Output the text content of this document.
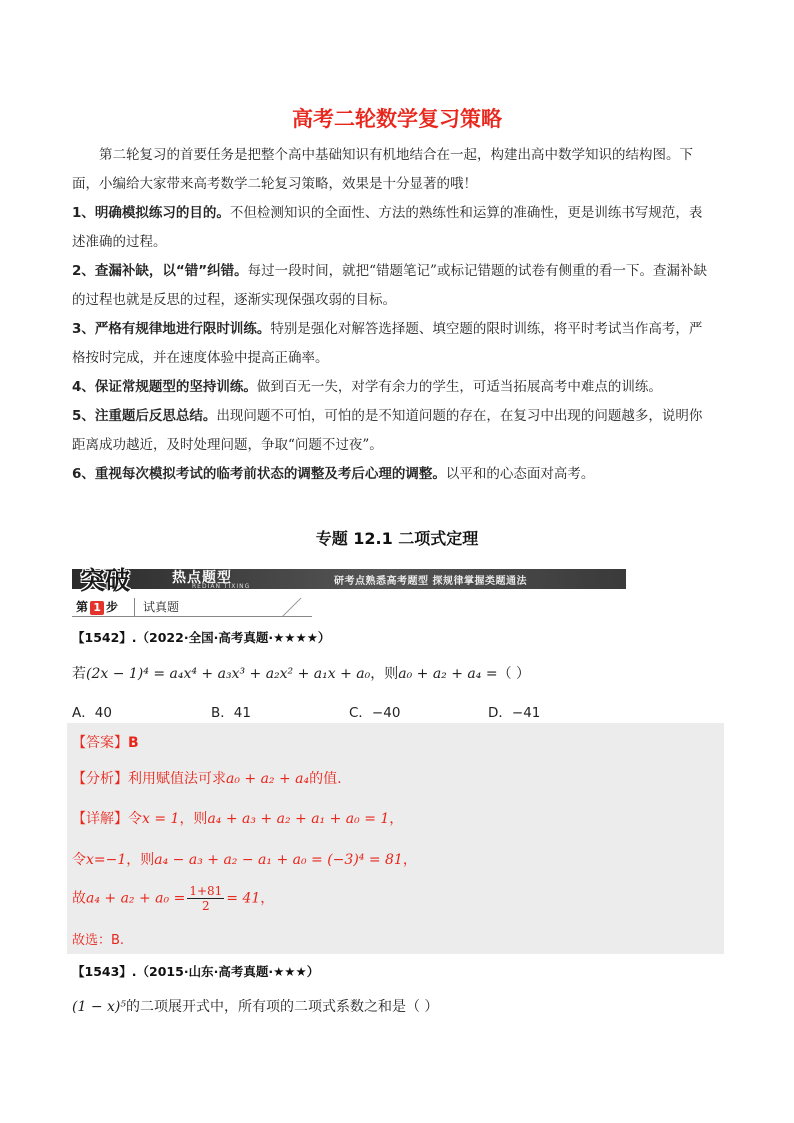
高考二轮数学复习策略

第二轮复习的首要任务是把整个高中基础知识有机地结合在一起，构建出高中数学知识的结构图。下

面，小编给大家带来高考数学二轮复习策略，效果是十分显著的哦！

1、明确模拟练习的目的。不但检测知识的全面性、方法的熟练性和运算的准确性，更是训练书写规范，表

述准确的过程。

2、查漏补缺，以“错”纠错。每过一段时间，就把“错题笔记”或标记错题的试卷有侧重的看一下。查漏补缺

的过程也就是反思的过程，逐渐实现保强攻弱的目标。

3、严格有规律地进行限时训练。特别是强化对解答选择题、填空题的限时训练，将平时考试当作高考，严

格按时完成，并在速度体验中提高正确率。

4、保证常规题型的坚持训练。做到百无一失，对学有余力的学生，可适当拓展高考中难点的训练。

5、注重题后反思总结。出现问题不可怕，可怕的是不知道问题的存在，在复习中出现的问题越多，说明你

距离成功越近，及时处理问题，争取“问题不过夜”。

6、重视每次模拟考试的临考前状态的调整及考后心理的调整。以平和的心态面对高考。

专题 12.1 二项式定理
突破	热点题型
REDIAN TIXING	研考点熟悉高考题型 探规律掌握类题通法
第 1 步	试真题
【1542】.（2022·全国·高考真题·★★★★）
若(2x − 1)⁴ = a₄x⁴ + a₃x³ + a₂x² + a₁x + a₀，则a₀ + a₂ + a₄ =（ ）
A．40	B．41	C．−40	D．−41
【答案】B
【分析】利用赋值法可求a₀ + a₂ + a₄的值.
【详解】令x = 1，则a₄ + a₃ + a₂ + a₁ + a₀ = 1，
令x=−1，则a₄ − a₃ + a₂ − a₁ + a₀ = (−3)⁴ = 81，
故$a_4 + a_2 + a_0 = \frac{1+81}{2} = 41$，
故选：B.
【1543】.（2015·山东·高考真题·★★★）
(1 − x)⁵的二项展开式中，所有项的二项式系数之和是（ ）
